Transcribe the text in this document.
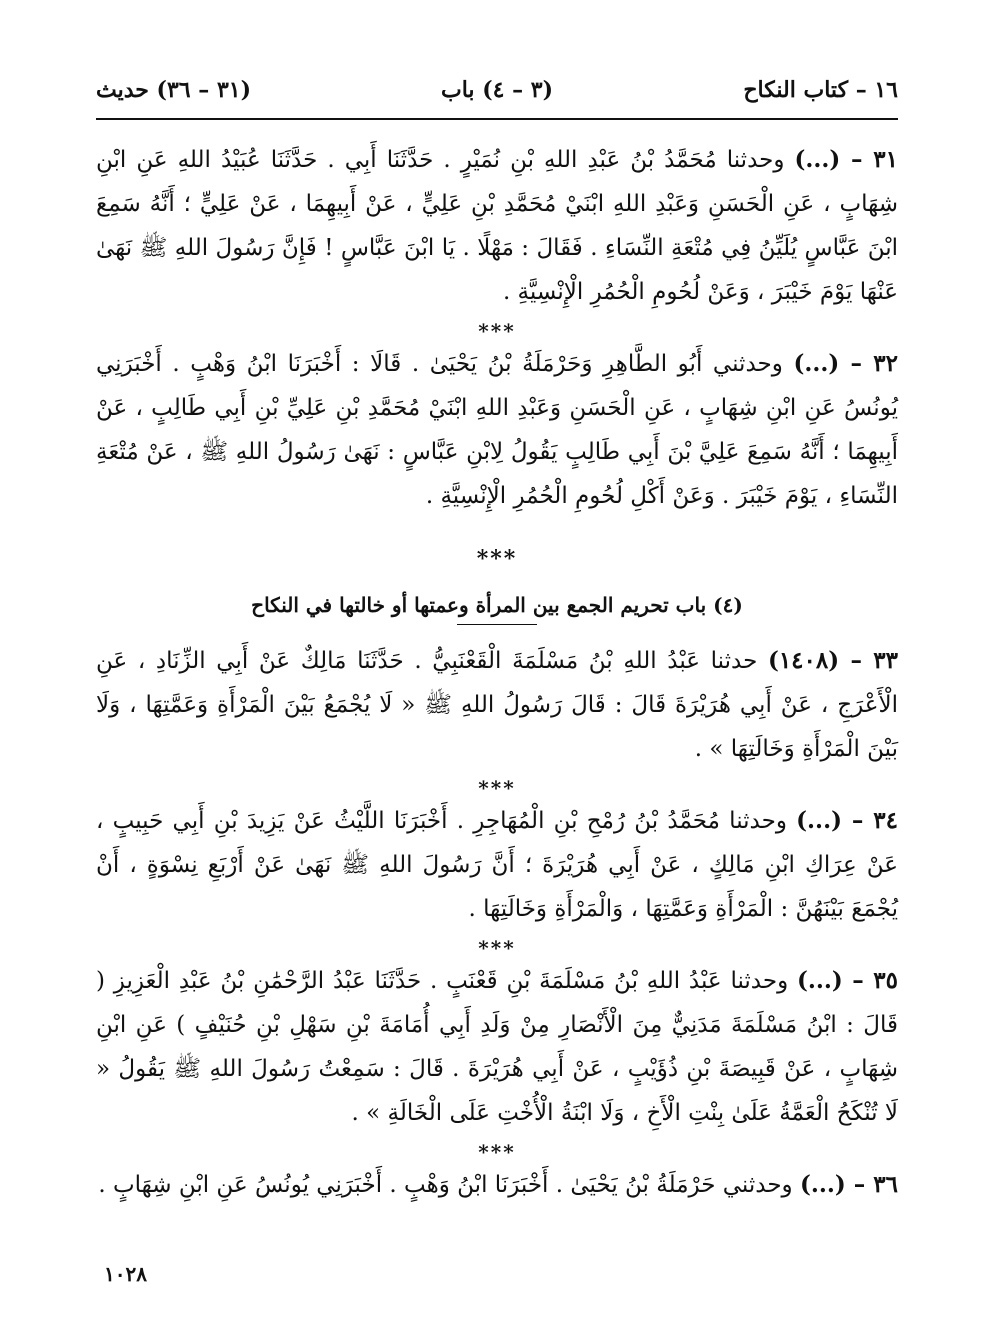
١٦ – كتاب النكاح
(٣ – ٤) باب
(٣١ – ٣٦) حديث

٣١ – (...) وحدثنا مُحَمَّدُ بْنُ عَبْدِ اللهِ بْنِ نُمَيْرٍ . حَدَّثَنَا أَبِي . حَدَّثَنَا عُبَيْدُ اللهِ عَنِ ابْنِ شِهَابٍ ، عَنِ الْحَسَنِ وَعَبْدِ اللهِ ابْنَيْ مُحَمَّدِ بْنِ عَلِيٍّ ، عَنْ أَبِيهِمَا ، عَنْ عَلِيٍّ ؛ أَنَّهُ سَمِعَ ابْنَ عَبَّاسٍ يُلَيِّنُ فِي مُتْعَةِ النِّسَاءِ . فَقَالَ : مَهْلًا . يَا ابْنَ عَبَّاسٍ ! فَإِنَّ رَسُولَ اللهِ ﷺ نَهَىٰ عَنْهَا يَوْمَ خَيْبَرَ ، وَعَنْ لُحُومِ الْحُمُرِ الْإِنْسِيَّةِ .

***

٣٢ – (...) وحدثني أَبُو الطَّاهِرِ وَحَرْمَلَةُ بْنُ يَحْيَىٰ . قَالَا : أَخْبَرَنَا ابْنُ وَهْبٍ . أَخْبَرَنِي يُونُسُ عَنِ ابْنِ شِهَابٍ ، عَنِ الْحَسَنِ وَعَبْدِ اللهِ ابْنَيْ مُحَمَّدِ بْنِ عَلِيِّ بْنِ أَبِي طَالِبٍ ، عَنْ أَبِيهِمَا ؛ أَنَّهُ سَمِعَ عَلِيَّ بْنَ أَبِي طَالِبٍ يَقُولُ لِابْنِ عَبَّاسٍ : نَهَىٰ رَسُولُ اللهِ ﷺ ، عَنْ مُتْعَةِ النِّسَاءِ ، يَوْمَ خَيْبَرَ . وَعَنْ أَكْلِ لُحُومِ الْحُمُرِ الْإِنْسِيَّةِ .

***
(٤) باب تحريم الجمع بين المرأة وعمتها أو خالتها في النكاح

٣٣ – (١٤٠٨) حدثنا عَبْدُ اللهِ بْنُ مَسْلَمَةَ الْقَعْنَبِيُّ . حَدَّثَنَا مَالِكٌ عَنْ أَبِي الزِّنَادِ ، عَنِ الْأَعْرَجِ ، عَنْ أَبِي هُرَيْرَةَ قَالَ : قَالَ رَسُولُ اللهِ ﷺ « لَا يُجْمَعُ بَيْنَ الْمَرْأَةِ وَعَمَّتِهَا ، وَلَا بَيْنَ الْمَرْأَةِ وَخَالَتِهَا » .

***

٣٤ – (...) وحدثنا مُحَمَّدُ بْنُ رُمْحِ بْنِ الْمُهَاجِرِ . أَخْبَرَنَا اللَّيْثُ عَنْ يَزِيدَ بْنِ أَبِي حَبِيبٍ ، عَنْ عِرَاكِ ابْنِ مَالِكٍ ، عَنْ أَبِي هُرَيْرَةَ ؛ أَنَّ رَسُولَ اللهِ ﷺ نَهَىٰ عَنْ أَرْبَعِ نِسْوَةٍ ، أَنْ يُجْمَعَ بَيْنَهُنَّ : الْمَرْأَةِ وَعَمَّتِهَا ، وَالْمَرْأَةِ وَخَالَتِهَا .

***

٣٥ – (...) وحدثنا عَبْدُ اللهِ بْنُ مَسْلَمَةَ بْنِ قَعْنَبٍ . حَدَّثَنَا عَبْدُ الرَّحْمَٰنِ بْنُ عَبْدِ الْعَزِيزِ ( قَالَ : ابْنُ مَسْلَمَةَ مَدَنِيٌّ مِنَ الْأَنْصَارِ مِنْ وَلَدِ أَبِي أُمَامَةَ بْنِ سَهْلِ بْنِ حُنَيْفٍ ) عَنِ ابْنِ شِهَابٍ ، عَنْ قَبِيصَةَ بْنِ ذُؤَيْبٍ ، عَنْ أَبِي هُرَيْرَةَ . قَالَ : سَمِعْتُ رَسُولَ اللهِ ﷺ يَقُولُ « لَا تُنْكَحُ الْعَمَّةُ عَلَىٰ بِنْتِ الْأَخِ ، وَلَا ابْنَةُ الْأُخْتِ عَلَى الْخَالَةِ » .

***

٣٦ – (...) وحدثني حَرْمَلَةُ بْنُ يَحْيَىٰ . أَخْبَرَنَا ابْنُ وَهْبٍ . أَخْبَرَنِي يُونُسُ عَنِ ابْنِ شِهَابٍ .

١٠٢٨
